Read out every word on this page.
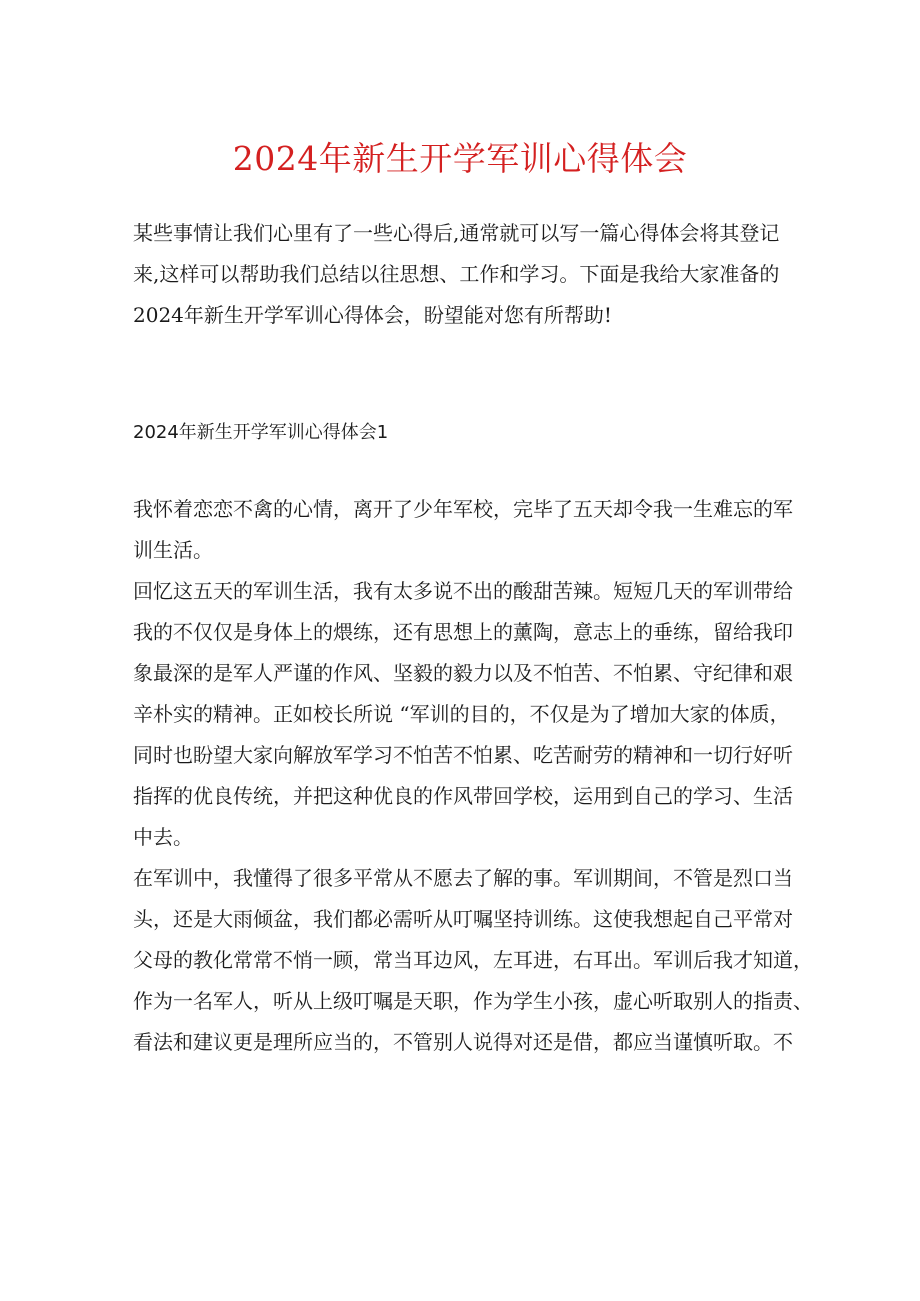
2024年新生开学军训心得体会
某些事情让我们心里有了一些心得后,通常就可以写一篇心得体会将其登记
来,这样可以帮助我们总结以往思想、工作和学习。下面是我给大家准备的
2024年新生开学军训心得体会，盼望能对您有所帮助!
2024年新生开学军训心得体会1
我怀着恋恋不禽的心情，离开了少年军校，完毕了五天却令我一生难忘的军
训生活。
回忆这五天的军训生活，我有太多说不出的酸甜苦辣。短短几天的军训带给
我的不仅仅是身体上的煨练，还有思想上的薰陶，意志上的垂练，留给我印
象最深的是军人严谨的作风、坚毅的毅力以及不怕苦、不怕累、守纪律和艰
辛朴实的精神。正如校长所说 “军训的目的，不仅是为了增加大家的体质，
同时也盼望大家向解放军学习不怕苦不怕累、吃苦耐劳的精神和一切行好听
指挥的优良传统，并把这种优良的作风带回学校，运用到自己的学习、生活
中去。
在军训中，我懂得了很多平常从不愿去了解的事。军训期间，不管是烈口当
头，还是大雨倾盆，我们都必需听从叮嘱坚持训练。这使我想起自己平常对
父母的教化常常不悄一顾，常当耳边风，左耳进，右耳出。军训后我才知道，
作为一名军人，听从上级叮嘱是天职，作为学生小孩，虚心听取别人的指责、
看法和建议更是理所应当的，不管别人说得对还是借，都应当谨慎听取。不
